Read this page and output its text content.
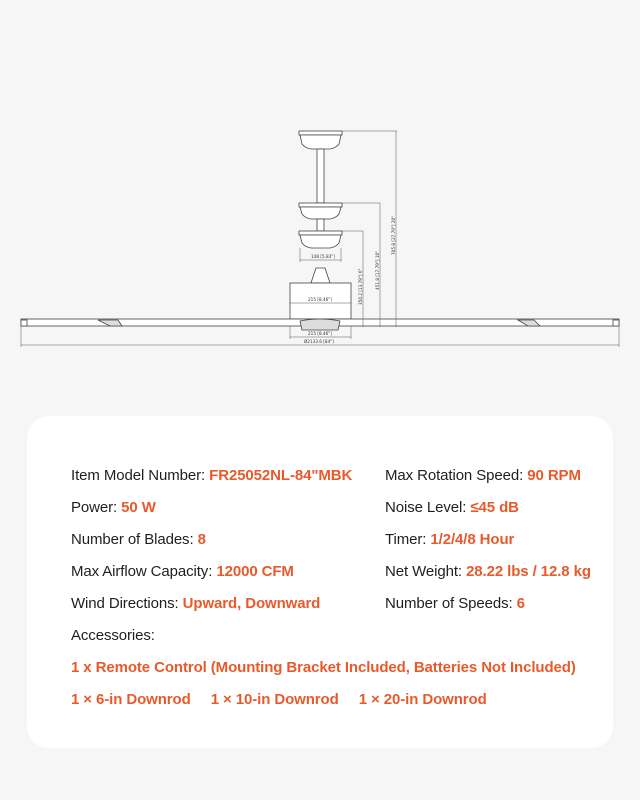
148 [5.83"]
215 [8.46"]
215 [8.46"]
Ø2133.6 [84"]
350.2 [13.79"] 6"	451.8 [17.79"] 10"
705.8 [27.79"] 20"
Item Model Number: FR25052NL-84"MBK
Power: 50 W
Number of Blades: 8
Max Airflow Capacity: 12000 CFM
Wind Directions: Upward, Downward
Max Rotation Speed: 90 RPM
Noise Level: ≤45 dB
Timer: 1/2/4/8 Hour
Net Weight: 28.22 lbs / 12.8 kg
Number of Speeds: 6
Accessories:
1 x Remote Control (Mounting Bracket Included, Batteries Not Included)
1 × 6-in Downrod 1 × 10-in Downrod 1 × 20-in Downrod
